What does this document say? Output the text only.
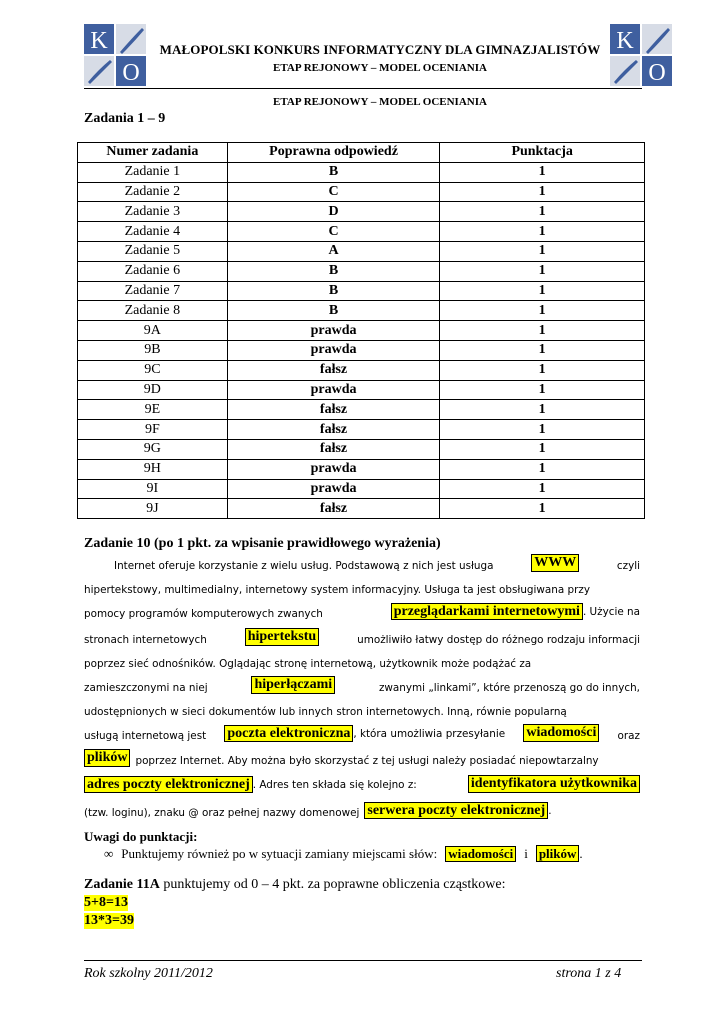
K
O
K
O
MAŁOPOLSKI KONKURS INFORMATYCZNY DLA GIMNAZJALISTÓW
ETAP REJONOWY – MODEL OCENIANIA
ETAP REJONOWY – MODEL OCENIANIA
Zadania 1 – 9
Numer zadania	Poprawna odpowiedź	Punktacja
Zadanie 1	B	1
Zadanie 2	C	1
Zadanie 3	D	1
Zadanie 4	C	1
Zadanie 5	A	1
Zadanie 6	B	1
Zadanie 7	B	1
Zadanie 8	B	1
9A	prawda	1
9B	prawda	1
9C	fałsz	1
9D	prawda	1
9E	fałsz	1
9F	fałsz	1
9G	fałsz	1
9H	prawda	1
9I	prawda	1
9J	fałsz	1
Zadanie 10 (po 1 pkt. za wpisanie prawidłowego wyrażenia)
Internet oferuje korzystanie z wielu usług. Podstawową z nich jest usługa	WWW	czyli
hipertekstowy, multimedialny, internetowy system informacyjny. Usługa ta jest obsługiwana przy
pomocy programów komputerowych zwanych	przeglądarkami internetowymi . Użycie na
stronach internetowych	hipertekstu	umożliwiło łatwy dostęp do różnego rodzaju informacji
poprzez sieć odnośników. Oglądając stronę internetową, użytkownik może podążać za
zamieszczonymi na niej	hiperłączami	zwanymi „linkami”, które przenoszą go do innych,
udostępnionych w sieci dokumentów lub innych stron internetowych. Inną, równie popularną
usługą internetową jest poczta elektroniczna , która umożliwia przesyłanie wiadomości oraz
plików poprzez Internet. Aby można było skorzystać z tej usługi należy posiadać niepowtarzalny
adres poczty elektronicznej . Adres ten składa się kolejno z:	identyfikatora użytkownika
(tzw. loginu), znaku @ oraz pełnej nazwy domenowej serwera poczty elektronicznej .
Uwagi do punktacji:
∞ Punktujemy również po w sytuacji zamiany miejscami słów: wiadomości i plików .
Zadanie 11A punktujemy od 0 – 4 pkt. za poprawne obliczenia cząstkowe:
5+8=13
13*3=39
Rok szkolny 2011/2012	strona 1 z 4
